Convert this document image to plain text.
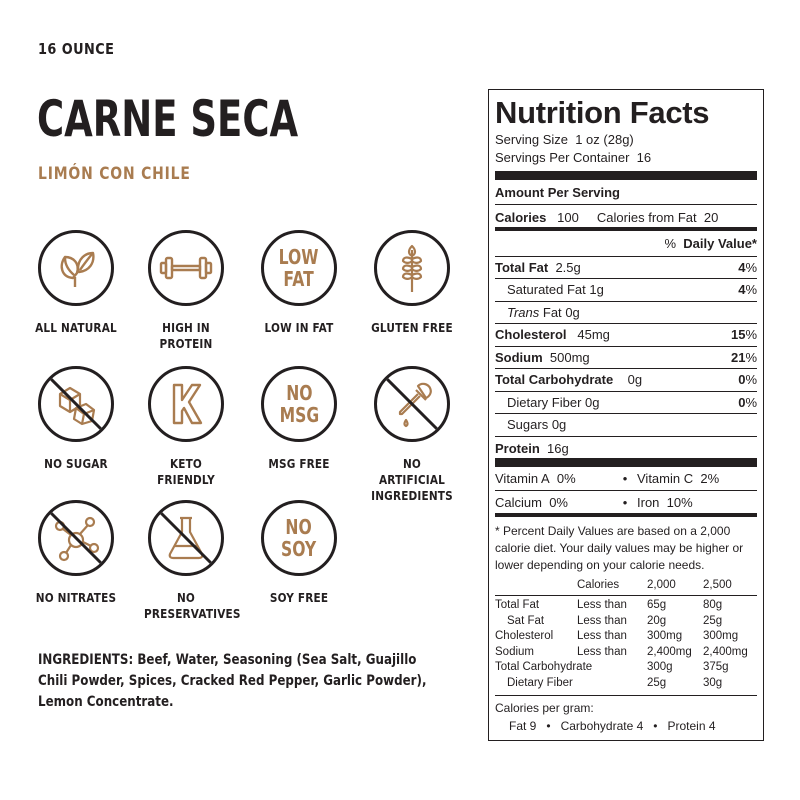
16 OUNCE
CARNE SECA
LIMÓN CON CHILE
ALL NATURAL	HIGH IN
PROTEIN
LOW
FAT
LOW IN FAT	GLUTEN FREE
NO SUGAR	KETO
FRIENDLY
NO
MSG
MSG FREE	NO ARTIFICIAL
INGREDIENTS
NO NITRATES	NO
PRESERVATIVES
NO
SOY
SOY FREE
INGREDIENTS: Beef, Water, Seasoning (Sea Salt, Guajillo Chili Powder, Spices, Cracked Red Pepper, Garlic Powder), Lemon Concentrate.
Nutrition Facts
Serving Size 1 oz (28g)
Servings Per Container 16
Amount Per Serving
Calories 100 Calories from Fat 20
% Daily Value*
Total Fat 2.5g	4%
Saturated Fat 1g	4%
Trans Fat 0g
Cholesterol 45mg	15%
Sodium 500mg	21%
Total Carbohydrate 0g	0%
Dietary Fiber 0g	0%
Sugars 0g
Protein 16g
Vitamin A 0%	• Vitamin C 2%
Calcium 0%	• Iron 10%
* Percent Daily Values are based on a 2,000 calorie diet. Your daily values may be higher or lower depending on your calorie needs.
	Calories	2,000	2,500
Total Fat	Less than	65g	80g
Sat Fat	Less than	20g	25g
Cholesterol	Less than	300mg	300mg
Sodium	Less than	2,400mg	2,400mg
Total Carbohydrate		300g	375g
Dietary Fiber		25g	30g
Calories per gram:
Fat 9 • Carbohydrate 4 • Protein 4
